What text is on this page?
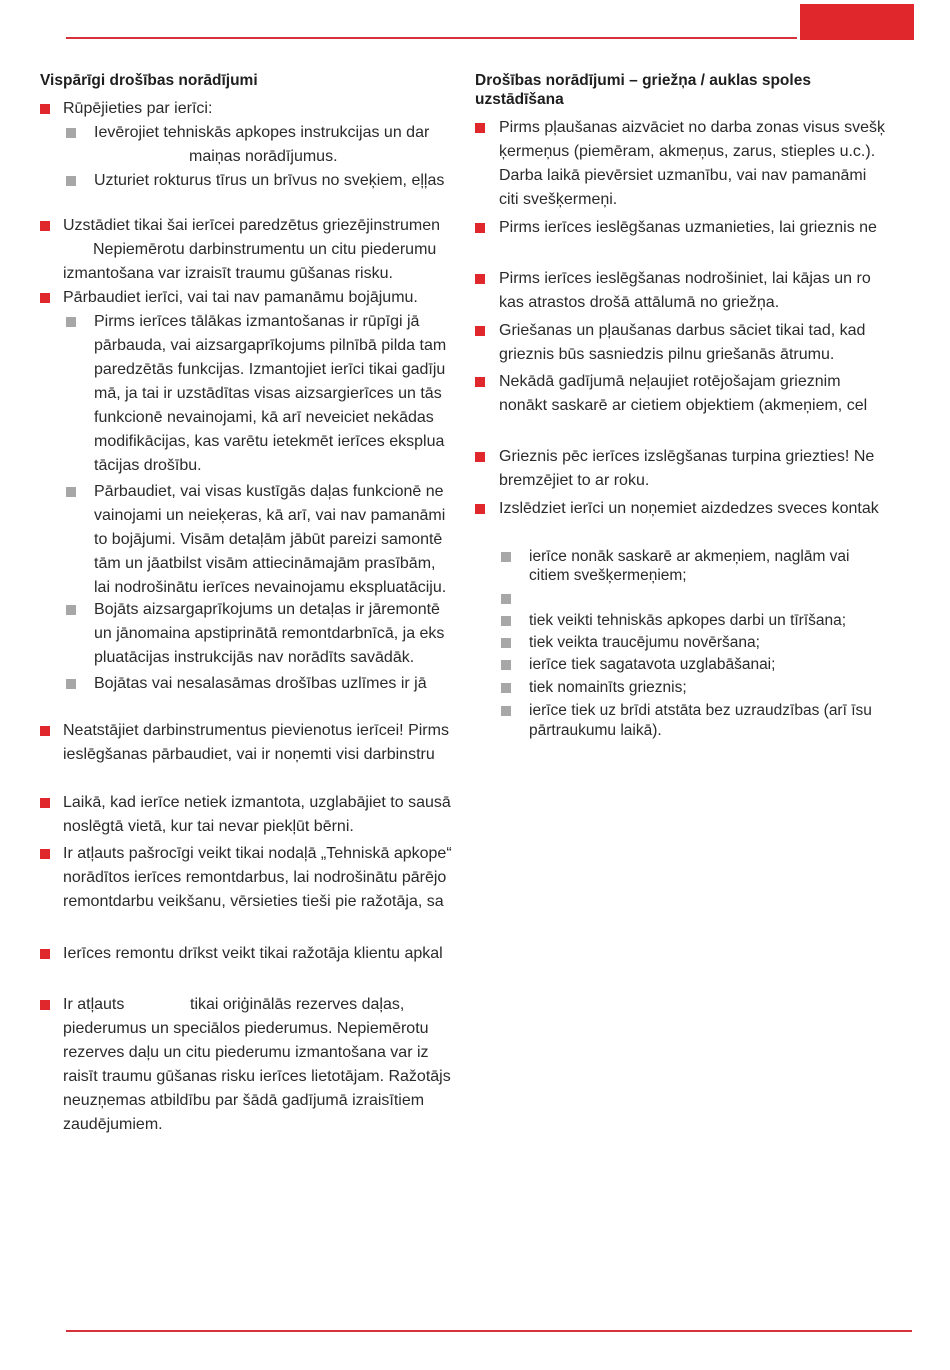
Vispārīgi drošības norādījumi
Rūpējieties par ierīci:
Ievērojiet tehniskās apkopes instrukcijas un dar
maiņas norādījumus.
Uzturiet rokturus tīrus un brīvus no sveķiem, eļļas
Uzstādiet tikai šai ierīcei paredzētus griezējinstrumen
Nepiemērotu darbinstrumentu un citu piederumu
izmantošana var izraisīt traumu gūšanas risku.
Pārbaudiet ierīci, vai tai nav pamanāmu bojājumu.
Pirms ierīces tālākas izmantošanas ir rūpīgi jā
pārbauda, vai aizsargaprīkojums pilnībā pilda tam
paredzētās funkcijas. Izmantojiet ierīci tikai gadīju
mā, ja tai ir uzstādītas visas aizsargierīces un tās
funkcionē nevainojami, kā arī neveiciet nekādas
modifikācijas, kas varētu ietekmēt ierīces eksplua
tācijas drošību.
Pārbaudiet, vai visas kustīgās daļas funkcionē ne
vainojami un neieķeras, kā arī, vai nav pamanāmi
to bojājumi. Visām detaļām jābūt pareizi samontē
tām un jāatbilst visām attiecināmajām prasībām,
lai nodrošinātu ierīces nevainojamu ekspluatāciju.
Bojāts aizsargaprīkojums un detaļas ir jāremontē
un jānomaina apstiprinātā remontdarbnīcā, ja eks
pluatācijas instrukcijās nav norādīts savādāk.
Bojātas vai nesalasāmas drošības uzlīmes ir jā
Neatstājiet darbinstrumentus pievienotus ierīcei! Pirms
ieslēgšanas pārbaudiet, vai ir noņemti visi darbinstru
Laikā, kad ierīce netiek izmantota, uzglabājiet to sausā
noslēgtā vietā, kur tai nevar piekļūt bērni.
Ir atļauts pašrocīgi veikt tikai nodaļā „Tehniskā apkope“
norādītos ierīces remontdarbus, lai nodrošinātu pārējo
remontdarbu veikšanu, vērsieties tieši pie ražotāja, sa
Ierīces remontu drīkst veikt tikai ražotāja klientu apkal
Ir atļauts	tikai oriģinālās rezerves daļas,
piederumus un speciālos piederumus. Nepiemērotu
rezerves daļu un citu piederumu izmantošana var iz
raisīt traumu gūšanas risku ierīces lietotājam. Ražotājs
neuzņemas atbildību par šādā gadījumā izraisītiem
zaudējumiem.
Drošības norādījumi – griežņa / auklas spoles
uzstādīšana
Pirms pļaušanas aizvāciet no darba zonas visus svešķ
ķermeņus (piemēram, akmeņus, zarus, stieples u.c.).
Darba laikā pievērsiet uzmanību, vai nav pamanāmi
citi svešķermeņi.
Pirms ierīces ieslēgšanas uzmanieties, lai grieznis ne
Pirms ierīces ieslēgšanas nodrošiniet, lai kājas un ro
kas atrastos drošā attālumā no griežņa.
Griešanas un pļaušanas darbus sāciet tikai tad, kad
grieznis būs sasniedzis pilnu griešanās ātrumu.
Nekādā gadījumā neļaujiet rotējošajam grieznim
nonākt saskarē ar cietiem objektiem (akmeņiem, cel
Grieznis pēc ierīces izslēgšanas turpina griezties! Ne
bremzējiet to ar roku.
Izslēdziet ierīci un noņemiet aizdedzes sveces kontak
ierīce nonāk saskarē ar akmeņiem, naglām vai
citiem svešķermeņiem;
tiek veikti tehniskās apkopes darbi un tīrīšana;
tiek veikta traucējumu novēršana;
ierīce tiek sagatavota uzglabāšanai;
tiek nomainīts grieznis;
ierīce tiek uz brīdi atstāta bez uzraudzības (arī īsu
pārtraukumu laikā).
